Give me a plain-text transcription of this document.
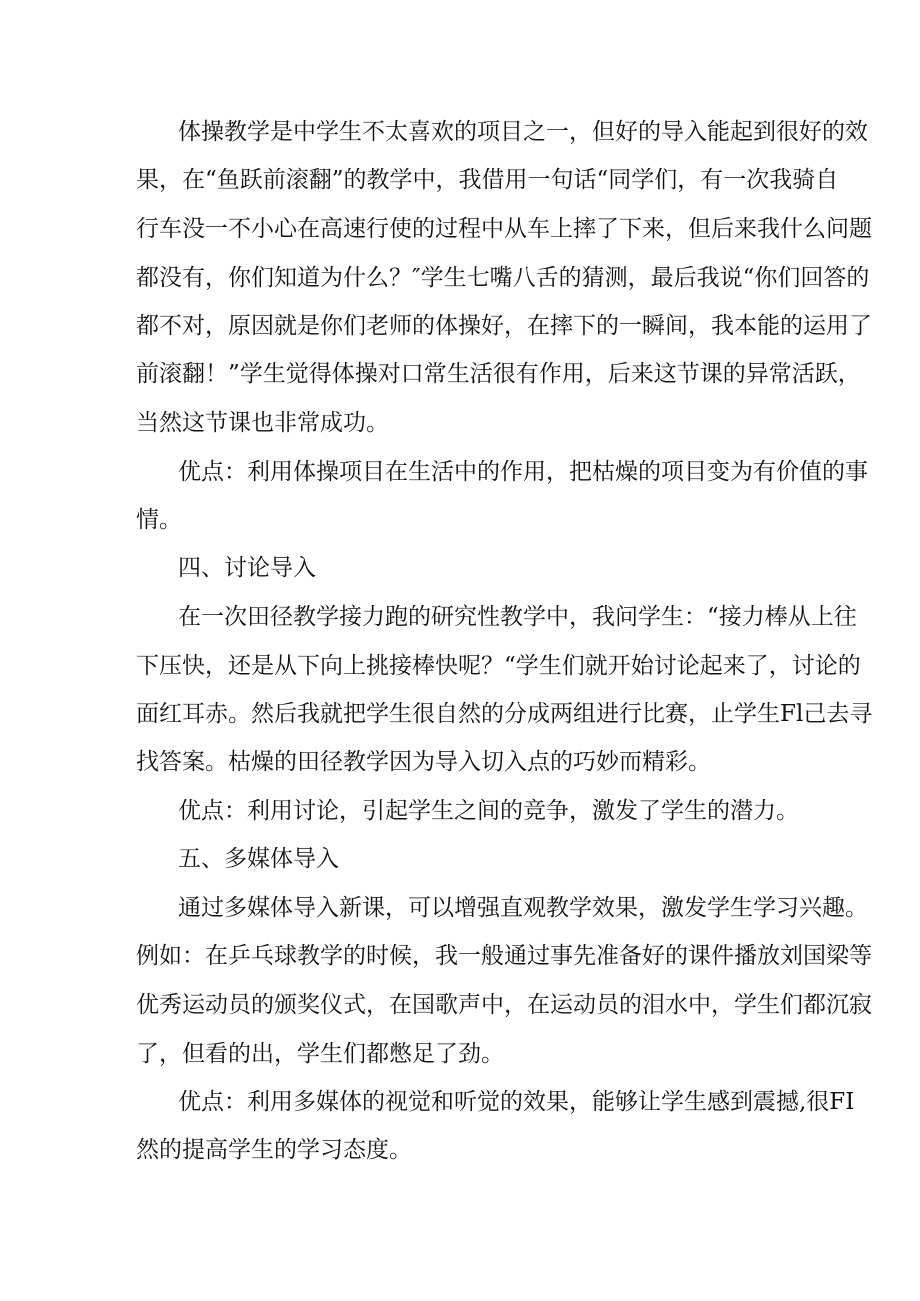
体操教学是中学生不太喜欢的项目之一，但好的导入能起到很好的效
果，在“鱼跃前滚翻”的教学中，我借用一句话“同学们，有一次我骑自
行车没一不小心在高速行使的过程中从车上摔了下来，但后来我什么问题
都没有，你们知道为什么？″学生七嘴八舌的猜测，最后我说“你们回答的
都不对，原因就是你们老师的体操好，在摔下的一瞬间，我本能的运用了
前滚翻！”学生觉得体操对口常生活很有作用，后来这节课的异常活跃，
当然这节课也非常成功。
优点：利用体操项目在生活中的作用，把枯燥的项目变为有价值的事
情。
四、讨论导入
在一次田径教学接力跑的研究性教学中，我问学生：“接力棒从上往
下压快，还是从下向上挑接棒快呢？“学生们就开始讨论起来了，讨论的
面红耳赤。然后我就把学生很自然的分成两组进行比赛，止学生Fl己去寻
找答案。枯燥的田径教学因为导入切入点的巧妙而精彩。
优点：利用讨论，引起学生之间的竞争，激发了学生的潜力。
五、多媒体导入
通过多媒体导入新课，可以增强直观教学效果，激发学生学习兴趣。
例如：在乒乓球教学的时候，我一般通过事先准备好的课件播放刘国梁等
优秀运动员的颁奖仪式，在国歌声中，在运动员的泪水中，学生们都沉寂
了，但看的出，学生们都憋足了劲。
优点：利用多媒体的视觉和听觉的效果，能够让学生感到震撼,很FI
然的提高学生的学习态度。
